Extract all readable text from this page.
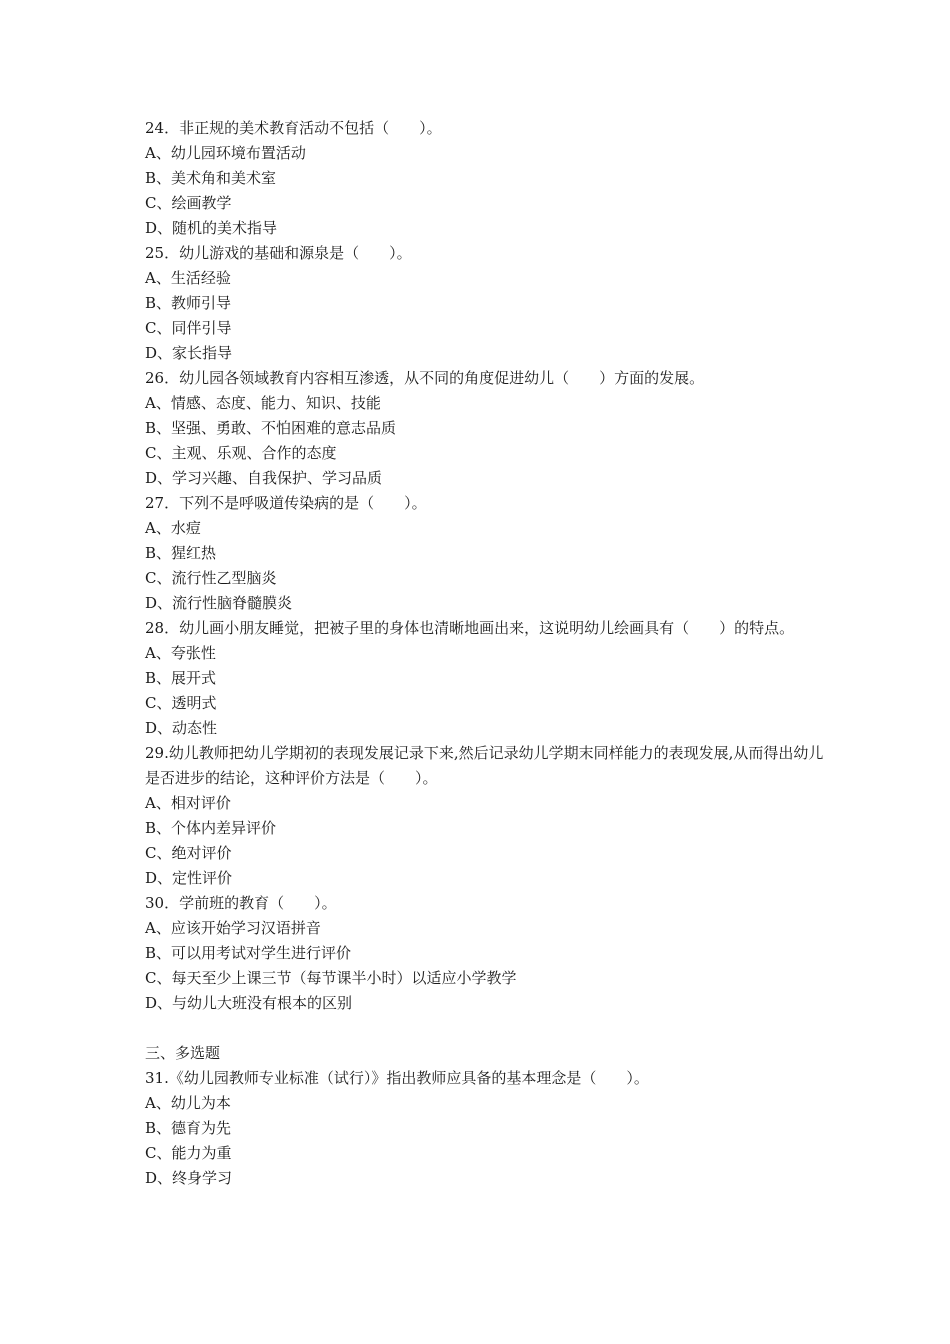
24．非正规的美术教育活动不包括（　　）。
A、幼儿园环境布置活动
B、美术角和美术室
C、绘画教学
D、随机的美术指导
25．幼儿游戏的基础和源泉是（　　）。
A、生活经验
B、教师引导
C、同伴引导
D、家长指导
26．幼儿园各领域教育内容相互渗透，从不同的角度促进幼儿（　　）方面的发展。
A、情感、态度、能力、知识、技能
B、坚强、勇敢、不怕困难的意志品质
C、主观、乐观、合作的态度
D、学习兴趣、自我保护、学习品质
27．下列不是呼吸道传染病的是（　　）。
A、水痘
B、猩红热
C、流行性乙型脑炎
D、流行性脑脊髓膜炎
28．幼儿画小朋友睡觉，把被子里的身体也清晰地画出来，这说明幼儿绘画具有（　　）的特点。
A、夸张性
B、展开式
C、透明式
D、动态性
29.幼儿教师把幼儿学期初的表现发展记录下来,然后记录幼儿学期末同样能力的表现发展,从而得出幼儿是否进步的结论，这种评价方法是（　　）。
A、相对评价
B、个体内差异评价
C、绝对评价
D、定性评价
30．学前班的教育（　　）。
A、应该开始学习汉语拼音
B、可以用考试对学生进行评价
C、每天至少上课三节（每节课半小时）以适应小学教学
D、与幼儿大班没有根本的区别
三、多选题
31.《幼儿园教师专业标准（试行）》指出教师应具备的基本理念是（　　）。
A、幼儿为本
B、德育为先
C、能力为重
D、终身学习
